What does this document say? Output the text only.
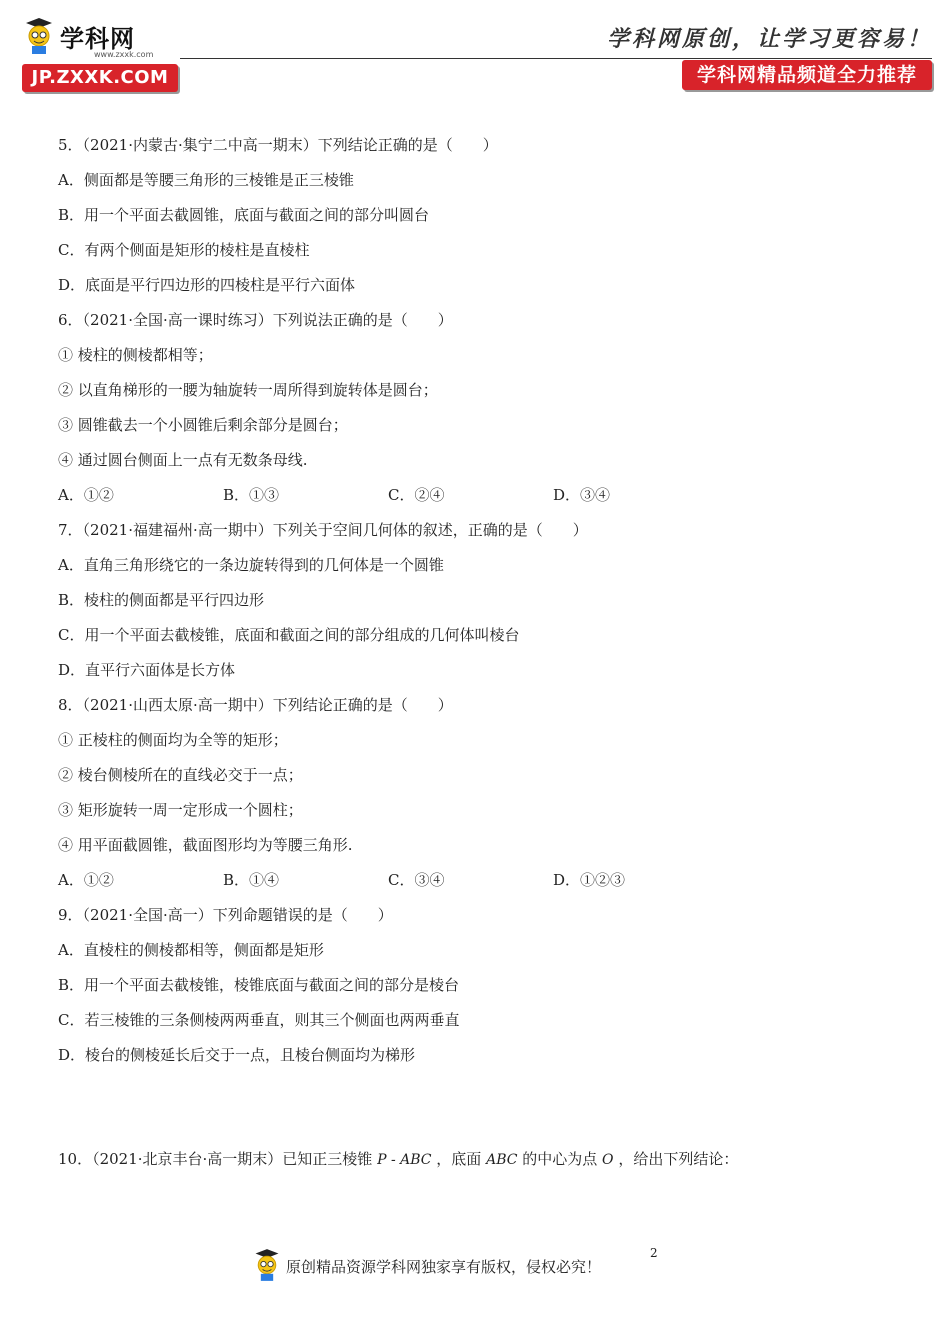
学科网
www.zxxk.com
JP.ZXXK.COM
学科网原创，让学习更容易！
学科网精品频道全力推荐
5．（2021·内蒙古·集宁二中高一期末）下列结论正确的是（　　）
A．侧面都是等腰三角形的三棱锥是正三棱锥
B．用一个平面去截圆锥，底面与截面之间的部分叫圆台
C．有两个侧面是矩形的棱柱是直棱柱
D．底面是平行四边形的四棱柱是平行六面体
6．（2021·全国·高一课时练习）下列说法正确的是（　　）
① 棱柱的侧棱都相等；
② 以直角梯形的一腰为轴旋转一周所得到旋转体是圆台；
③ 圆锥截去一个小圆锥后剩余部分是圆台；
④ 通过圆台侧面上一点有无数条母线.
A．①②	B．①③	C．②④	D．③④
7．（2021·福建福州·高一期中）下列关于空间几何体的叙述，正确的是（　　）
A．直角三角形绕它的一条边旋转得到的几何体是一个圆锥
B．棱柱的侧面都是平行四边形
C．用一个平面去截棱锥，底面和截面之间的部分组成的几何体叫棱台
D．直平行六面体是长方体
8．（2021·山西太原·高一期中）下列结论正确的是（　　）
① 正棱柱的侧面均为全等的矩形；
② 棱台侧棱所在的直线必交于一点；
③ 矩形旋转一周一定形成一个圆柱；
④ 用平面截圆锥，截面图形均为等腰三角形.
A．①②	B．①④	C．③④	D．①②③
9．（2021·全国·高一）下列命题错误的是（　　）
A．直棱柱的侧棱都相等，侧面都是矩形
B．用一个平面去截棱锥，棱锥底面与截面之间的部分是棱台
C．若三棱锥的三条侧棱两两垂直，则其三个侧面也两两垂直
D．棱台的侧棱延长后交于一点，且棱台侧面均为梯形
10．（2021·北京丰台·高一期末）已知正三棱锥 P - ABC ，底面 ABC 的中心为点 O ，给出下列结论：
原创精品资源学科网独家享有版权，侵权必究！
2
